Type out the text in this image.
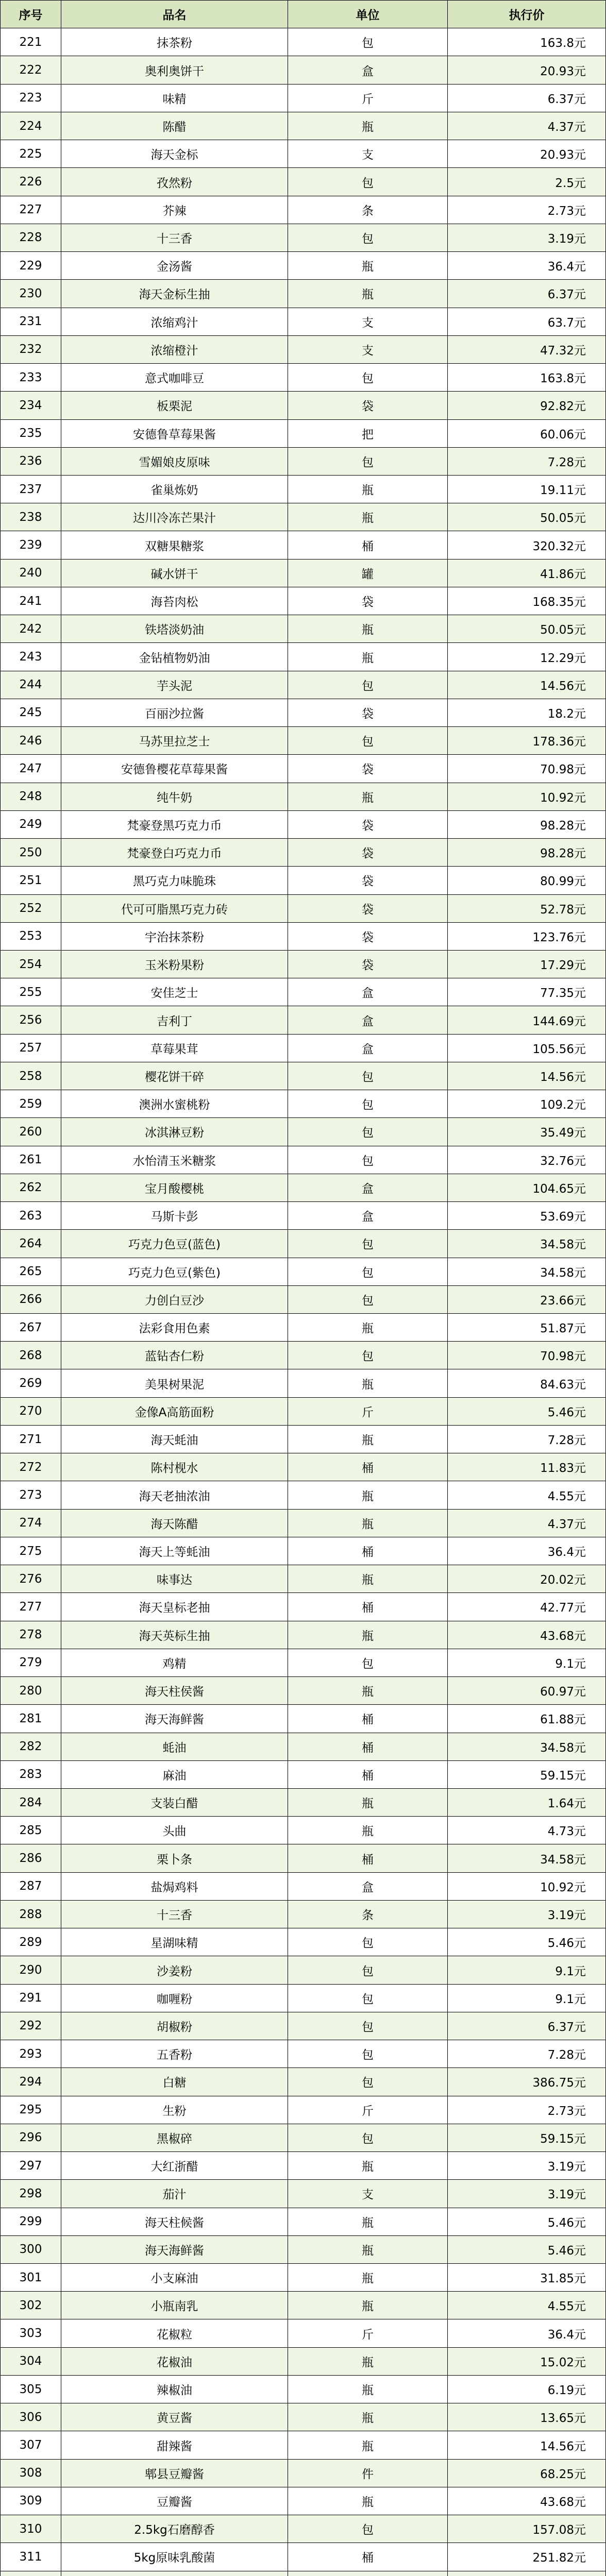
序号	品名	单位	执行价
221	抹茶粉	包	163.8元
222	奥利奥饼干	盒	20.93元
223	味精	斤	6.37元
224	陈醋	瓶	4.37元
225	海天金标	支	20.93元
226	孜然粉	包	2.5元
227	芥辣	条	2.73元
228	十三香	包	3.19元
229	金汤酱	瓶	36.4元
230	海天金标生抽	瓶	6.37元
231	浓缩鸡汁	支	63.7元
232	浓缩橙汁	支	47.32元
233	意式咖啡豆	包	163.8元
234	板栗泥	袋	92.82元
235	安德鲁草莓果酱	把	60.06元
236	雪媚娘皮原味	包	7.28元
237	雀巢炼奶	瓶	19.11元
238	达川冷冻芒果汁	瓶	50.05元
239	双糖果糖浆	桶	320.32元
240	碱水饼干	罐	41.86元
241	海苔肉松	袋	168.35元
242	铁塔淡奶油	瓶	50.05元
243	金钻植物奶油	瓶	12.29元
244	芋头泥	包	14.56元
245	百丽沙拉酱	袋	18.2元
246	马苏里拉芝士	包	178.36元
247	安德鲁樱花草莓果酱	袋	70.98元
248	纯牛奶	瓶	10.92元
249	梵豪登黑巧克力币	袋	98.28元
250	梵豪登白巧克力币	袋	98.28元
251	黑巧克力味脆珠	袋	80.99元
252	代可可脂黑巧克力砖	袋	52.78元
253	宇治抹茶粉	袋	123.76元
254	玉米粉果粉	袋	17.29元
255	安佳芝士	盒	77.35元
256	吉利丁	盒	144.69元
257	草莓果茸	盒	105.56元
258	樱花饼干碎	包	14.56元
259	澳洲水蜜桃粉	包	109.2元
260	冰淇淋豆粉	包	35.49元
261	水怡清玉米糖浆	包	32.76元
262	宝月酸樱桃	盒	104.65元
263	马斯卡彭	盒	53.69元
264	巧克力色豆(蓝色)	包	34.58元
265	巧克力色豆(紫色)	包	34.58元
266	力创白豆沙	包	23.66元
267	法彩食用色素	瓶	51.87元
268	蓝钻杏仁粉	包	70.98元
269	美果树果泥	瓶	84.63元
270	金像A高筋面粉	斤	5.46元
271	海天蚝油	瓶	7.28元
272	陈村枧水	桶	11.83元
273	海天老抽浓油	瓶	4.55元
274	海天陈醋	瓶	4.37元
275	海天上等蚝油	桶	36.4元
276	味事达	瓶	20.02元
277	海天皇标老抽	桶	42.77元
278	海天英标生抽	瓶	43.68元
279	鸡精	包	9.1元
280	海天柱侯酱	瓶	60.97元
281	海天海鲜酱	桶	61.88元
282	蚝油	桶	34.58元
283	麻油	桶	59.15元
284	支装白醋	瓶	1.64元
285	头曲	瓶	4.73元
286	栗卜条	桶	34.58元
287	盐焗鸡料	盒	10.92元
288	十三香	条	3.19元
289	星湖味精	包	5.46元
290	沙姜粉	包	9.1元
291	咖喱粉	包	9.1元
292	胡椒粉	包	6.37元
293	五香粉	包	7.28元
294	白糖	包	386.75元
295	生粉	斤	2.73元
296	黑椒碎	包	59.15元
297	大红浙醋	瓶	3.19元
298	茄汁	支	3.19元
299	海天柱候酱	瓶	5.46元
300	海天海鲜酱	瓶	5.46元
301	小支麻油	瓶	31.85元
302	小瓶南乳	瓶	4.55元
303	花椒粒	斤	36.4元
304	花椒油	瓶	15.02元
305	辣椒油	瓶	6.19元
306	黄豆酱	瓶	13.65元
307	甜辣酱	瓶	14.56元
308	郫县豆瓣酱	件	68.25元
309	豆瓣酱	瓶	43.68元
310	2.5kg石磨醇香	包	157.08元
311	5kg原味乳酸菌	桶	251.82元
